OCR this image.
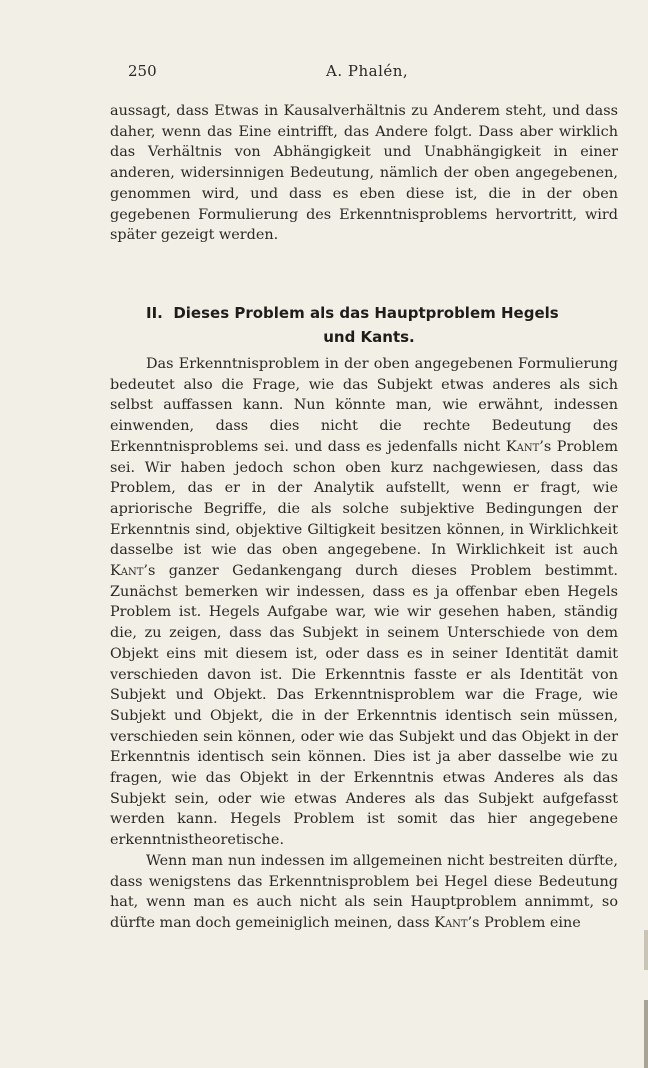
250	A. Phalén,

aussagt, dass Etwas in Kausalverhältnis zu Anderem steht, und dass daher, wenn das Eine eintrifft, das Andere folgt. Dass aber wirklich das Verhältnis von Abhängigkeit und Unabhängigkeit in einer anderen, widersinnigen Bedeutung, nämlich der oben angegebenen, genommen wird, und dass es eben diese ist, die in der oben gegebenen Formulierung des Erkenntnisproblems hervortritt, wird später gezeigt werden.

II. Dieses Problem als das Hauptproblem Hegels
und Kants.

Das Erkenntnisproblem in der oben angegebenen Formulierung bedeutet also die Frage, wie das Subjekt etwas anderes als sich selbst auffassen kann. Nun könnte man, wie erwähnt, indessen einwenden, dass dies nicht die rechte Bedeutung des Erkenntnisproblems sei. und dass es jedenfalls nicht Kant’s Problem sei. Wir haben jedoch schon oben kurz nachgewiesen, dass das Problem, das er in der Analytik aufstellt, wenn er fragt, wie apriorische Begriffe, die als solche subjektive Bedingungen der Erkenntnis sind, objektive Giltigkeit besitzen können, in Wirklichkeit dasselbe ist wie das oben angegebene. In Wirklichkeit ist auch Kant’s ganzer Gedankengang durch dieses Problem bestimmt. Zunächst bemerken wir indessen, dass es ja offenbar eben Hegels Problem ist. Hegels Aufgabe war, wie wir gesehen haben, ständig die, zu zeigen, dass das Subjekt in seinem Unterschiede von dem Objekt eins mit diesem ist, oder dass es in seiner Identität damit verschieden davon ist. Die Erkenntnis fasste er als Identität von Subjekt und Objekt. Das Erkenntnisproblem war die Frage, wie Subjekt und Objekt, die in der Erkenntnis identisch sein müssen, verschieden sein können, oder wie das Subjekt und das Objekt in der Erkenntnis identisch sein können. Dies ist ja aber dasselbe wie zu fragen, wie das Objekt in der Erkenntnis etwas Anderes als das Subjekt sein, oder wie etwas Anderes als das Subjekt aufgefasst werden kann. Hegels Problem ist somit das hier angegebene erkenntnistheoretische.

Wenn man nun indessen im allgemeinen nicht bestreiten dürfte, dass wenigstens das Erkenntnisproblem bei Hegel diese Bedeutung hat, wenn man es auch nicht als sein Hauptproblem annimmt, so dürfte man doch gemeiniglich meinen, dass Kant’s Problem eine
